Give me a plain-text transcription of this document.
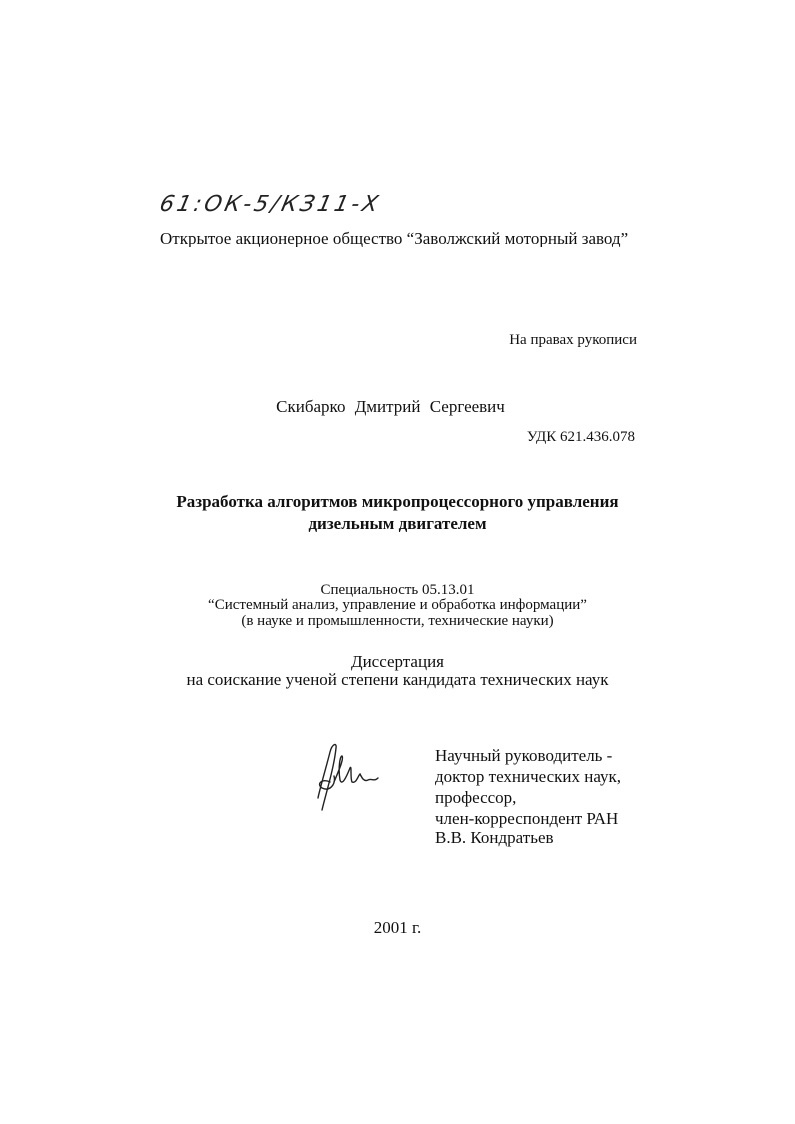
61:ОК-5/КЗ11-Х
Открытое акционерное общество “Заволжский моторный завод”
На правах рукописи
Скибарко Дмитрий Сергеевич
УДК 621.436.078
Разработка алгоритмов микропроцессорного управления
дизельным двигателем
Специальность 05.13.01
“Системный анализ, управление и обработка информации”
(в науке и промышленности, технические науки)
Диссертация
на соискание ученой степени кандидата технических наук
Научный руководитель -
доктор технических наук,
профессор,
член-корреспондент РАН
В.В. Кондратьев
2001 г.
